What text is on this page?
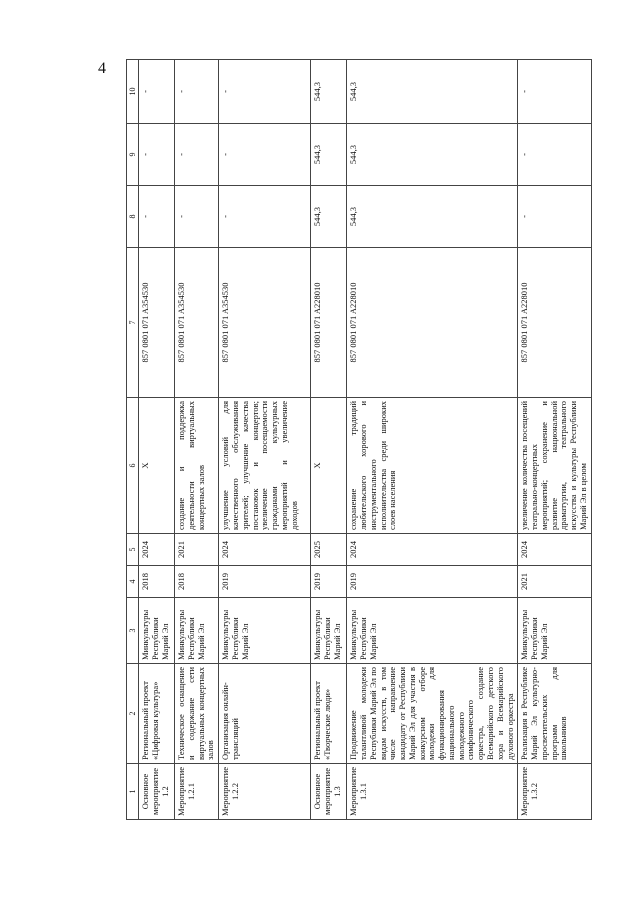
4
1	2	3	4	5	6	7	8	9	10
Основное мероприятие 1.2	Региональный проект «Цифровая культура»	Минкультуры Республики Марий Эл	2018	2024	X	857 0801 071 A354530	-	-	-
Мероприятие 1.2.1	Техническое оснащение и содержание сети виртуальных концертных залов	Минкультуры Республики Марий Эл	2018	2021	создание и поддержка деятельности виртуальных концертных залов	857 0801 071 A354530	-	-	-
Мероприятие 1.2.2	Организация онлайн-трансляций	Минкультуры Республики Марий Эл	2019	2024	улучшение условий для качественного обслуживания зрителей; улучшение качества постановок и концертов; увеличение посещаемости гражданами культурных мероприятий и увеличение доходов	857 0801 071 A354530	-	-	-
Основное мероприятие 1.3	Региональный проект «Творческие люди»	Минкультуры Республики Марий Эл	2019	2025	X	857 0801 071 A228010	544,3	544,3	544,3
Мероприятие 1.3.1	Продвижение талантливой молодежи Республики Марий Эл по видам искусств, в том числе направление кандидату от Республики Марий Эл для участия в конкурсном отборе молодежи для функционирования национального молодежного симфонического оркестра, создание Всемарийского детского хора и Всемарийского духового оркестра	Минкультуры Республики Марий Эл	2019	2024	сохранение традиций любительского хорового и инструментального исполнительства среди широких слоев населения	857 0801 071 A228010	544,3	544,3	544,3
Мероприятие 1.3.2	Реализация в Республике Марий Эл культурно-просветительских программ для школьников	Минкультуры Республики Марий Эл	2021	2024	увеличение количества посещений театрально-концертных мероприятий; сохранение и развитие национальной драматургии, театрального искусства и культуры Республики Марий Эл в целом	857 0801 071 A228010	-	-	-
